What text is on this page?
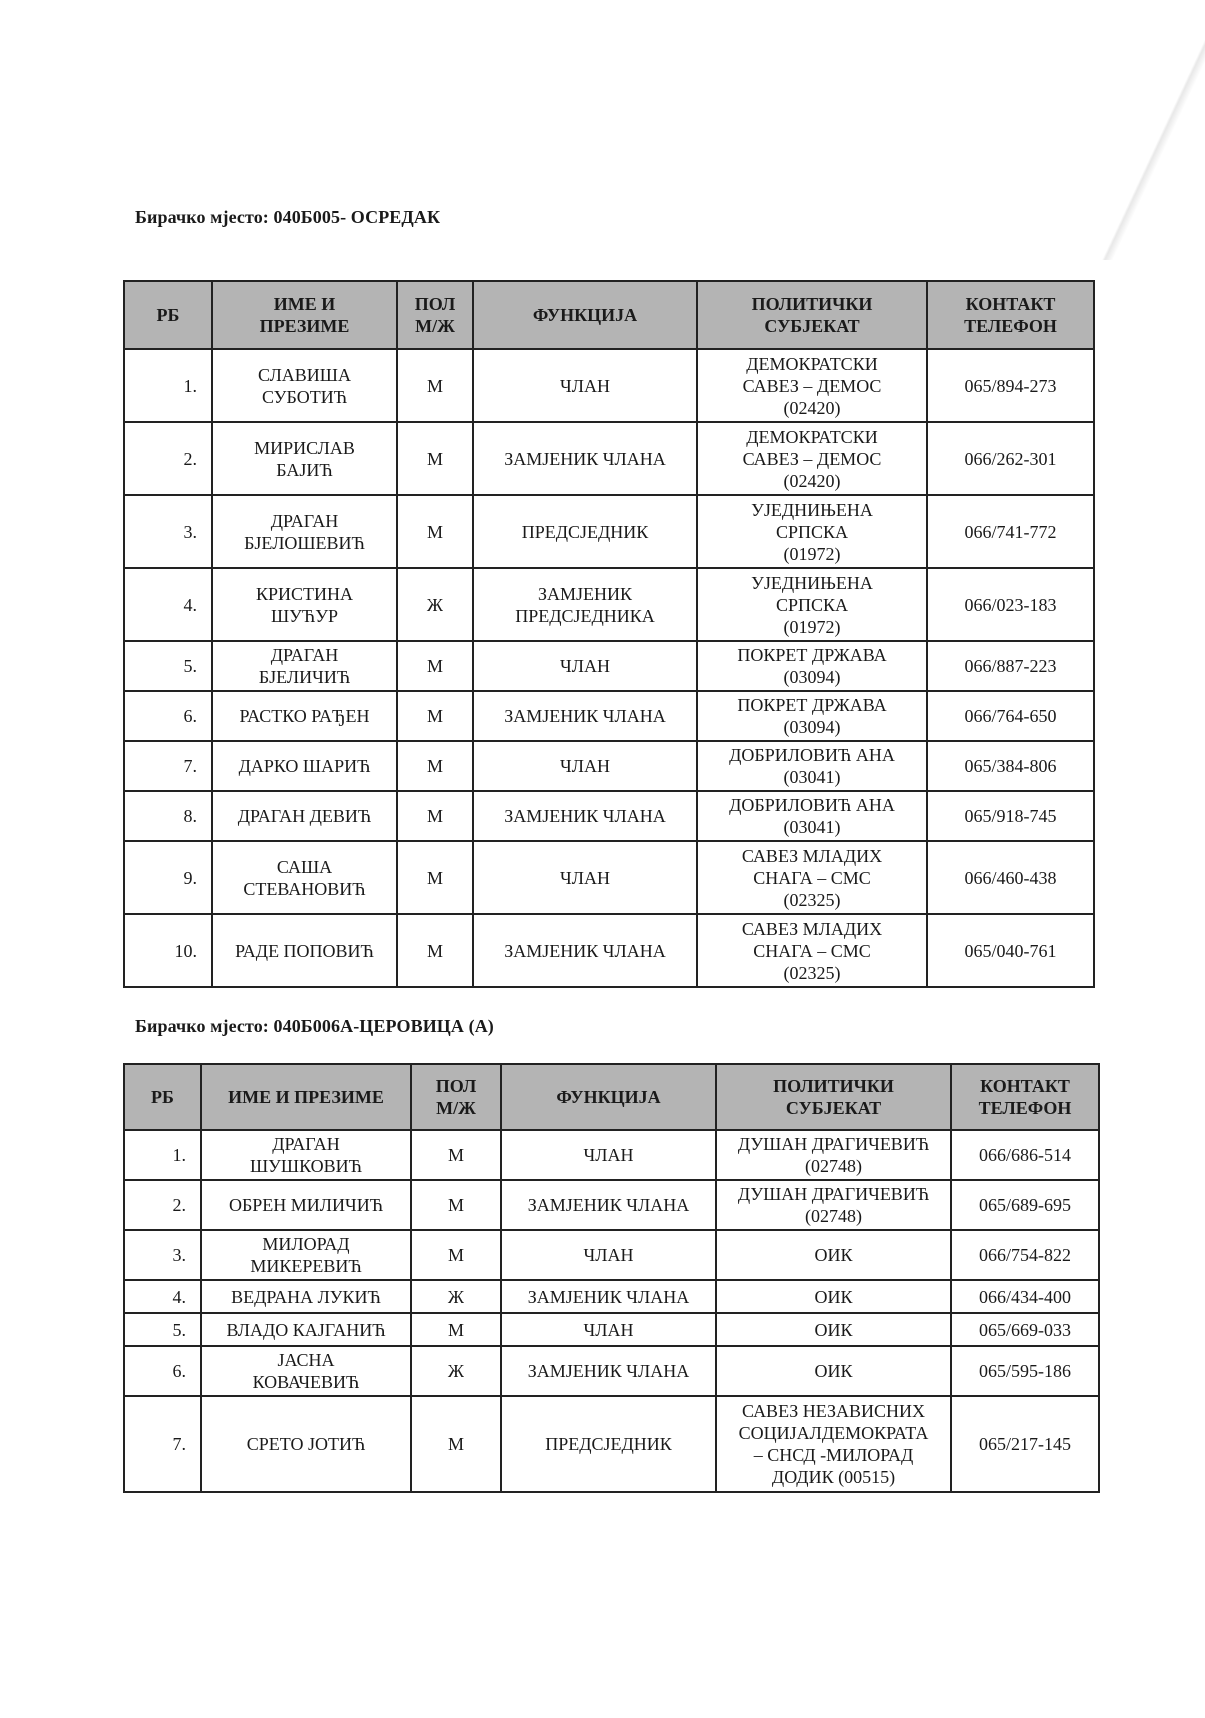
Бирачко мјесто: 040Б005- ОСРЕДАК
РБ	ИМЕ И
ПРЕЗИМЕ	ПОЛ
М/Ж	ФУНКЦИЈА	ПОЛИТИЧКИ
СУБЈЕКАТ	КОНТАКТ
ТЕЛЕФОН
1.	СЛАВИША
СУБОТИЋ	М	ЧЛАН	ДЕМОКРАТСКИ
САВЕЗ – ДЕМОС
(02420)	065/894-273
2.	МИРИСЛАВ
БАЈИЋ	М	ЗАМЈЕНИК ЧЛАНА	ДЕМОКРАТСКИ
САВЕЗ – ДЕМОС
(02420)	066/262-301
3.	ДРАГАН
БЈЕЛОШЕВИЋ	М	ПРЕДСЈЕДНИК	УЈЕДНИЊЕНА
СРПСКА
(01972)	066/741-772
4.	КРИСТИНА
ШУЋУР	Ж	ЗАМЈЕНИК
ПРЕДСЈЕДНИКА	УЈЕДНИЊЕНА
СРПСКА
(01972)	066/023-183
5.	ДРАГАН
БЈЕЛИЧИЋ	М	ЧЛАН	ПОКРЕТ ДРЖАВА
(03094)	066/887-223
6.	РАСТКО РАЂЕН	М	ЗАМЈЕНИК ЧЛАНА	ПОКРЕТ ДРЖАВА
(03094)	066/764-650
7.	ДАРКО ШАРИЋ	М	ЧЛАН	ДОБРИЛОВИЋ АНА
(03041)	065/384-806
8.	ДРАГАН ДЕВИЋ	М	ЗАМЈЕНИК ЧЛАНА	ДОБРИЛОВИЋ АНА
(03041)	065/918-745
9.	САША
СТЕВАНОВИЋ	М	ЧЛАН	САВЕЗ МЛАДИХ
СНАГА – СМС
(02325)	066/460-438
10.	РАДЕ ПОПОВИЋ	М	ЗАМЈЕНИК ЧЛАНА	САВЕЗ МЛАДИХ
СНАГА – СМС
(02325)	065/040-761
Бирачко мјесто: 040Б006А-ЦЕРОВИЦА (А)
РБ	ИМЕ И ПРЕЗИМЕ	ПОЛ
М/Ж	ФУНКЦИЈА	ПОЛИТИЧКИ
СУБЈЕКАТ	КОНТАКТ
ТЕЛЕФОН
1.	ДРАГАН
ШУШКОВИЋ	М	ЧЛАН	ДУШАН ДРАГИЧЕВИЋ
(02748)	066/686-514
2.	ОБРЕН МИЛИЧИЋ	М	ЗАМЈЕНИК ЧЛАНА	ДУШАН ДРАГИЧЕВИЋ
(02748)	065/689-695
3.	МИЛОРАД
МИКЕРЕВИЋ	М	ЧЛАН	ОИК	066/754-822
4.	ВЕДРАНА ЛУКИЋ	Ж	ЗАМЈЕНИК ЧЛАНА	ОИК	066/434-400
5.	ВЛАДО КАЈГАНИЋ	М	ЧЛАН	ОИК	065/669-033
6.	ЈАСНА
КОВАЧЕВИЋ	Ж	ЗАМЈЕНИК ЧЛАНА	ОИК	065/595-186
7.	СРЕТО ЈОТИЋ	М	ПРЕДСЈЕДНИК	САВЕЗ НЕЗАВИСНИХ
СОЦИЈАЛДЕМОКРАТА
– СНСД -МИЛОРАД
ДОДИК (00515)	065/217-145
